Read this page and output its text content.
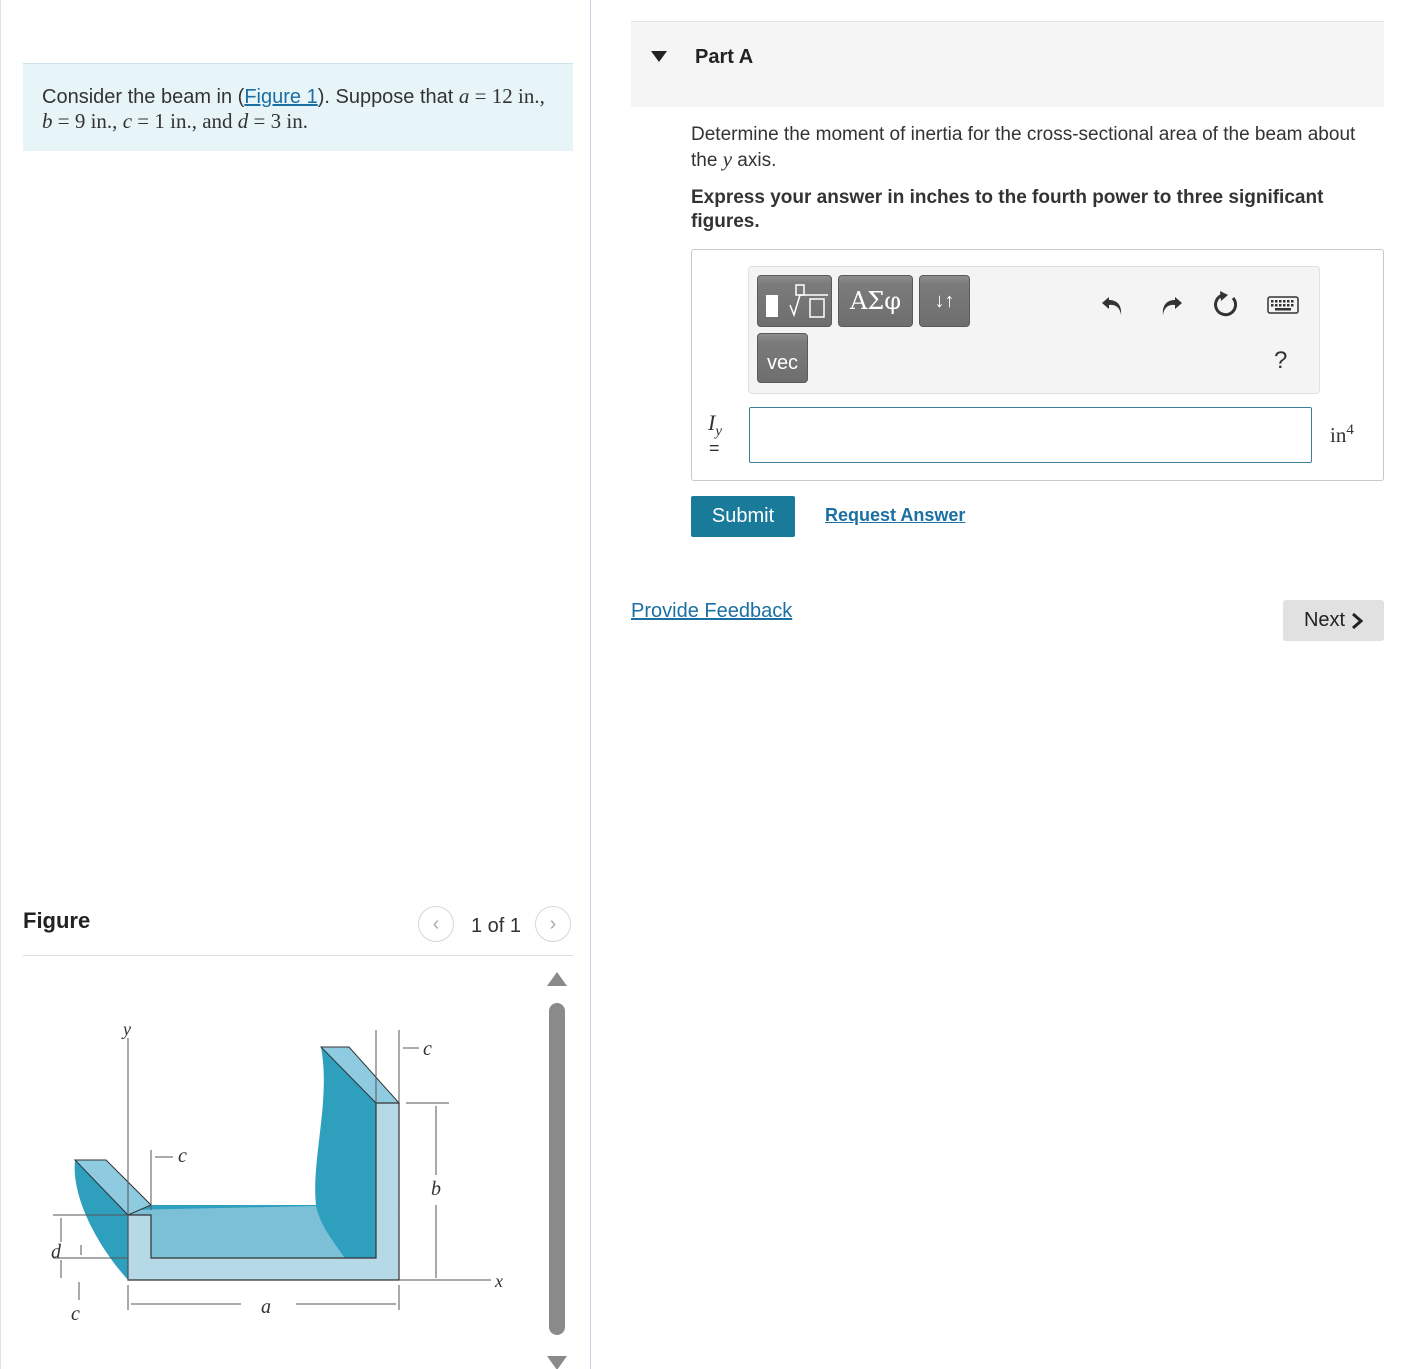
Consider the beam in (Figure 1). Suppose that a = 12 in.,
b = 9 in., c = 1 in., and d = 3 in.
Figure	‹ 1 of 1 ›
y
x
b
c
c
d
c	a
Part A
Determine the moment of inertia for the cross-sectional area of the beam about the y axis.
Express your answer in inches to the fourth power to three significant figures.
ΑΣφ ↓↑
vec	?
$I_y$
=
$in^4$
Submit	Request Answer
Provide Feedback	Next
